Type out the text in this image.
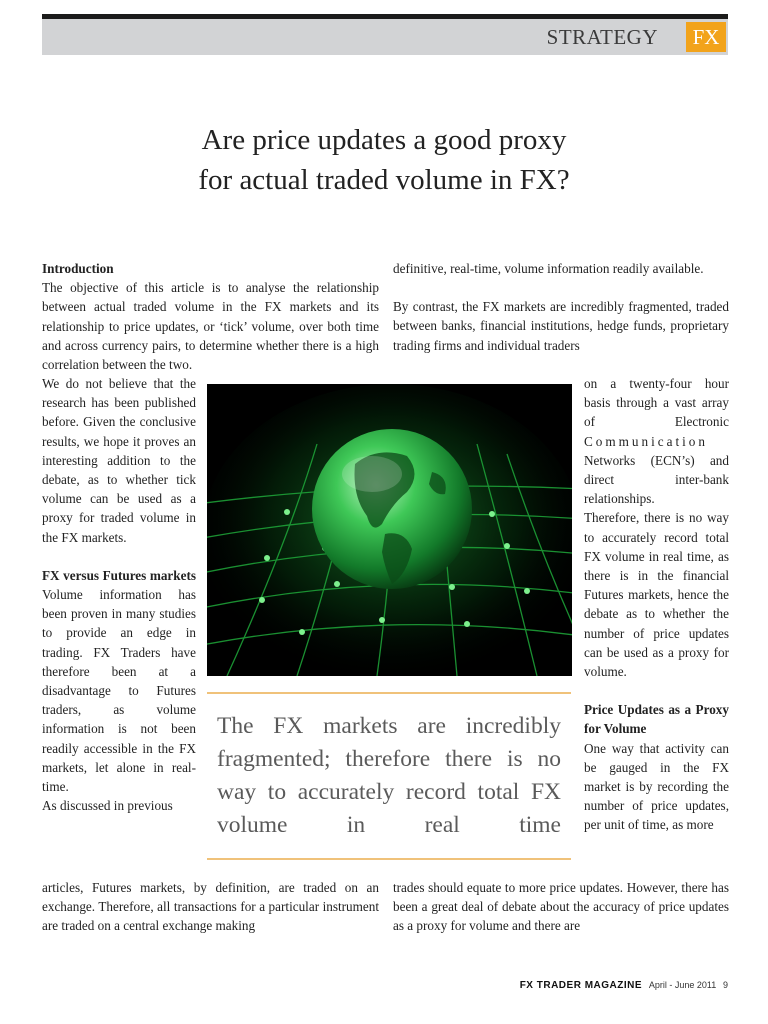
STRATEGY	FX
Are price updates a good proxy
for actual traded volume in FX?

Introduction

The objective of this article is to analyse the relationship between actual traded volume in the FX markets and its relationship to price updates, or ‘tick’ volume, over both time and across currency pairs, to determine whether there is a high correlation between the two.

We do not believe that the research has been published before. Given the conclusive results, we hope it proves an interesting addition to the debate, as to whether tick volume can be used as a proxy for traded volume in the FX markets.

FX versus Futures markets

Volume information has been proven in many studies to provide an edge in trading. FX Traders have therefore been at a disadvantage to Futures traders, as volume information is not been readily accessible in the FX markets, let alone in real-time.

As discussed in previous

articles, Futures markets, by definition, are traded on an exchange. Therefore, all transactions for a particular instrument are traded on a central exchange making

definitive, real-time, volume information readily available.

By contrast, the FX markets are incredibly fragmented, traded between banks, financial institutions, hedge funds, proprietary trading firms and individual traders

on a twenty-four hour basis through a vast array of Electronic Communication Networks (ECN’s) and direct inter-bank relationships.

Therefore, there is no way to accurately record total FX volume in real time, as there is in the financial Futures markets, hence the debate as to whether the number of price updates can be used as a proxy for volume.

Price Updates as a Proxy for Volume

One way that activity can be gauged in the FX market is by recording the number of price updates, per unit of time, as more

trades should equate to more price updates. However, there has been a great deal of debate about the accuracy of price updates as a proxy for volume and there are

The FX markets are incredibly fragmented; therefore there is no way to accurately record total FX volume in real time
FX TRADER MAGAZINE April - June 2011 9
